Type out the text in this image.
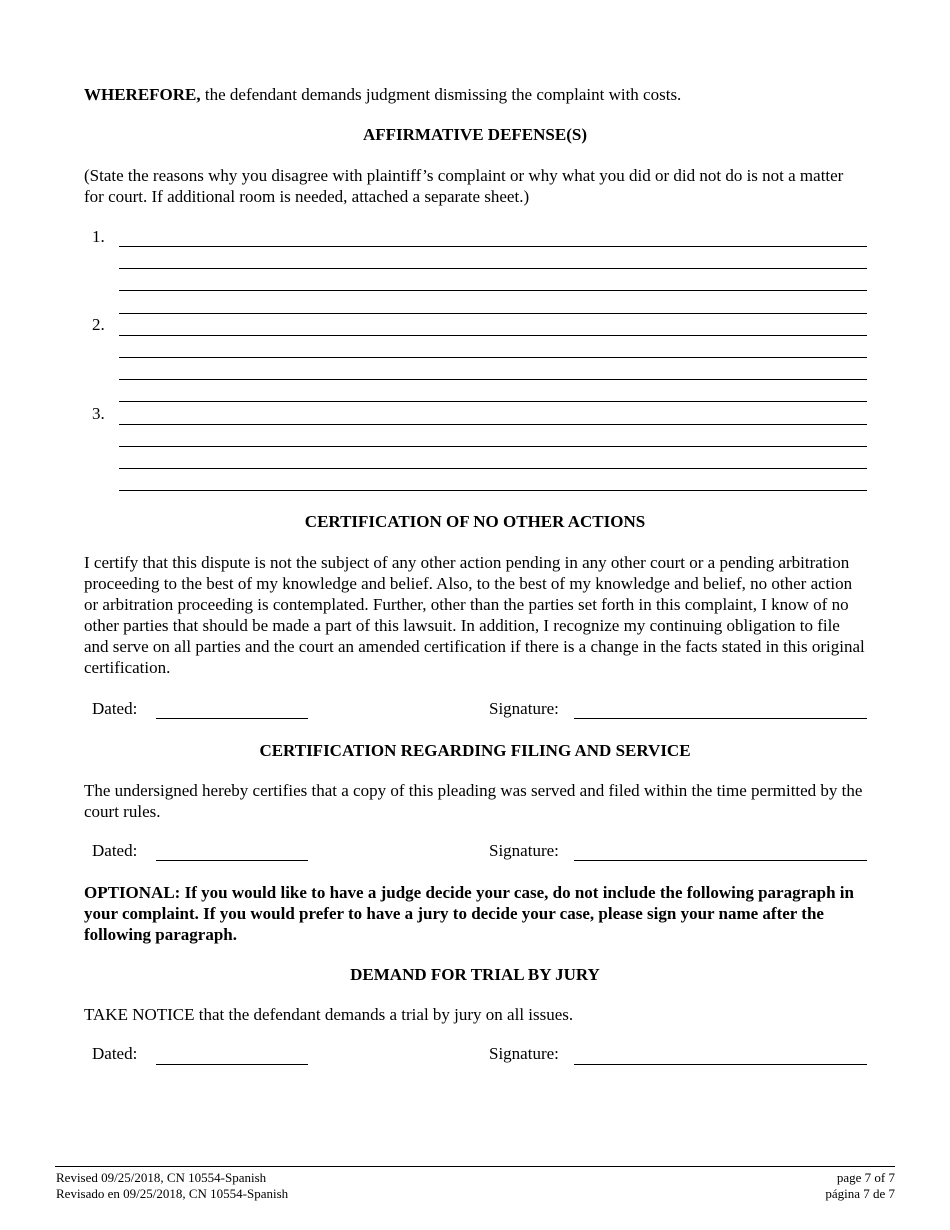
WHEREFORE, the defendant demands judgment dismissing the complaint with costs.
AFFIRMATIVE DEFENSE(S)
(State the reasons why you disagree with plaintiff’s complaint or why what you did or did not do is not a matter for court. If additional room is needed, attached a separate sheet.)
1.
2.
3.
CERTIFICATION OF NO OTHER ACTIONS
I certify that this dispute is not the subject of any other action pending in any other court or a pending arbitration proceeding to the best of my knowledge and belief. Also, to the best of my knowledge and belief, no other action or arbitration proceeding is contemplated. Further, other than the parties set forth in this complaint, I know of no other parties that should be made a part of this lawsuit. In addition, I recognize my continuing obligation to file and serve on all parties and the court an amended certification if there is a change in the facts stated in this original certification.
Dated:	Signature:
CERTIFICATION REGARDING FILING AND SERVICE
The undersigned hereby certifies that a copy of this pleading was served and filed within the time permitted by the court rules.
Dated:	Signature:
OPTIONAL: If you would like to have a judge decide your case, do not include the following paragraph in your complaint. If you would prefer to have a jury to decide your case, please sign your name after the following paragraph.
DEMAND FOR TRIAL BY JURY
TAKE NOTICE that the defendant demands a trial by jury on all issues.
Dated:	Signature:
Revised 09/25/2018, CN 10554-Spanish
Revisado en 09/25/2018, CN 10554-Spanish
page 7 of 7
página 7 de 7
